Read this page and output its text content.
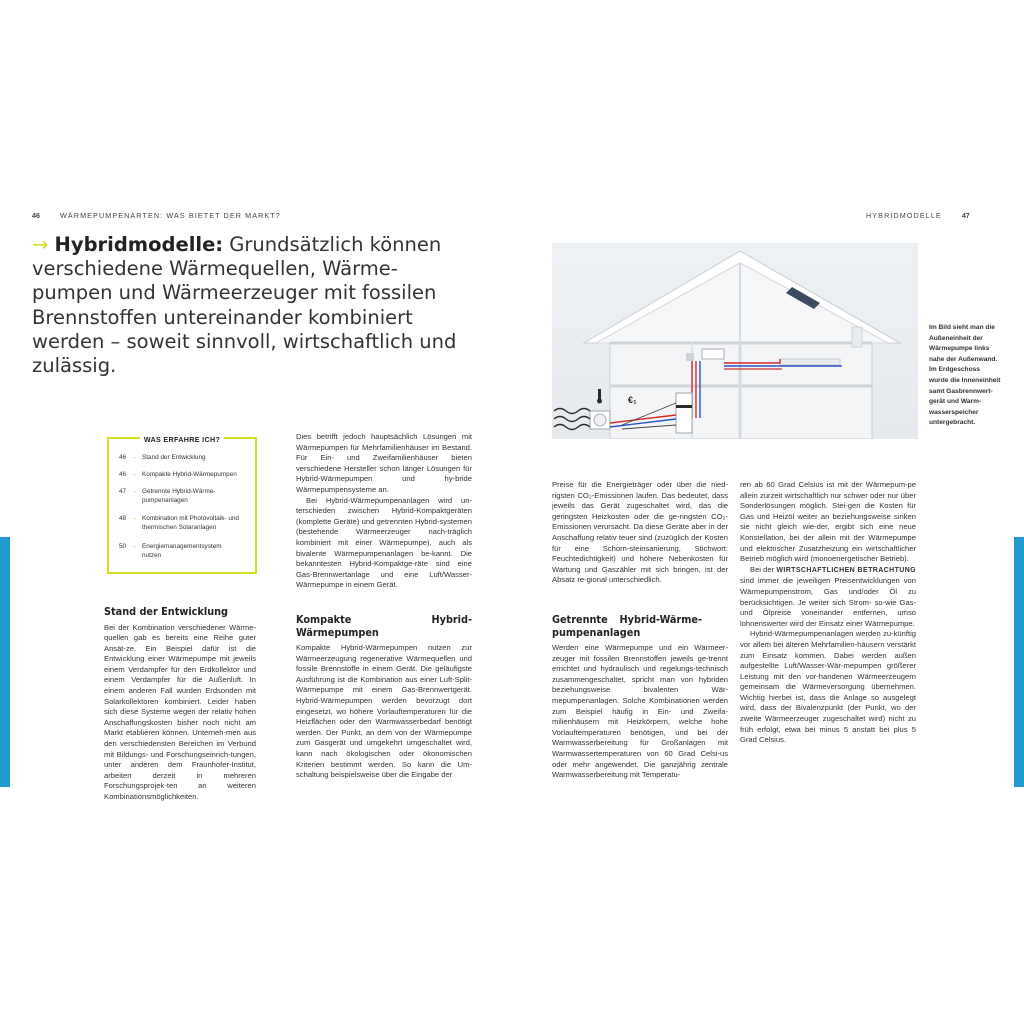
46	WÄRMEPUMPENARTEN: WAS BIETET DER MARKT?	HYBRIDMODELLE	47
→ Hybridmodelle: Grundsätzlich können verschiedene Wärmequellen, Wärme-pumpen und Wärmeerzeuger mit fossilen Brennstoffen untereinander kombiniert werden – soweit sinnvoll, wirtschaftlich und zulässig.
WAS ERFAHRE ICH?
46 → Stand der Entwicklung
46 → Kompakte Hybrid-Wärmepumpen
47 → Getrennte Hybrid-Wärme-pumpenanlagen
48 → Kombination mit Photovoltaik- und thermischen Solaranlagen
50 → Energiemanagementsystem nutzen
Stand der Entwicklung

Bei der Kombination verschiedener Wärme-quellen gab es bereits eine Reihe guter Ansät-ze. Ein Beispiel dafür ist die Entwicklung einer Wärmepumpe mit jeweils einem Verdampfer für den Erdkollektor und einem Verdampfer für die Außenluft. In einem anderen Fall wurden Erdsonden mit Solarkollektoren kombiniert. Leider haben sich diese Systeme wegen der relativ hohen Anschaffungskosten bisher noch nicht am Markt etablieren können. Unterneh-men aus den verschiedensten Bereichen im Verbund mit Bildungs- und Forschungseinrich-tungen, unter anderen dem Fraunhofer-Institut, arbeiten derzeit in mehreren Forschungsprojek-ten an weiteren Kombinationsmöglichkeiten.

Dies betrifft jedoch hauptsächlich Lösungen mit Wärmepumpen für Mehrfamilienhäuser im Bestand. Für Ein- und Zweifamilienhäuser bieten verschiedene Hersteller schon länger Lösungen für Hybrid-Wärmepumpen und hy-bride Wärmepumpensysteme an.

Bei Hybrid-Wärmepumpenanlagen wird un-terschieden zwischen Hybrid-Kompaktgeräten (komplette Geräte) und getrennten Hybrid-systemen (bestehende Wärmeerzeuger nach-träglich kombiniert mit einer Wärmepumpe), auch als bivalente Wärmepumpenanlagen be-kannt. Die bekanntesten Hybrid-Kompaktge-räte sind eine Gas-Brennwertanlage und eine Luft/Wasser-Wärmepumpe in einem Gerät.

Kompakte Hybrid-Wärmepumpen

Kompakte Hybrid-Wärmepumpen nutzen zur Wärmeerzeugung regenerative Wärmequellen und fossile Brennstoffe in einem Gerät. Die geläufigste Ausführung ist die Kombination aus einer Luft-Split-Wärmepumpe mit einem Gas-Brennwertgerät. Hybrid-Wärmepumpen werden bevorzugt dort eingesetzt, wo höhere Vorlauftemperaturen für die Heizflächen oder den Warmwasserbedarf benötigt werden. Der Punkt, an dem von der Wärmepumpe zum Gasgerät und umgekehrt umgeschaltet wird, kann nach ökologischen oder ökonomischen Kriterien bestimmt werden. So kann die Um-schaltung beispielsweise über die Eingabe der

Preise für die Energieträger oder über die nied-rigsten CO₂-Emissionen laufen. Das bedeutet, dass jeweils das Gerät zugeschaltet wird, das die geringsten Heizkosten oder die ge-ringsten CO₂-Emissionen verursacht. Da diese Geräte aber in der Anschaffung relativ teuer sind (zuzüglich der Kosten für eine Schorn-steinsanierung, Stichwort: Feuchtedichtigkeit) und höhere Nebenkosten für Wartung und Gaszähler mit sich bringen, ist der Absatz re-gional unterschiedlich.

Getrennte Hybrid-Wärme-pumpenanlagen

Werden eine Wärmepumpe und ein Wärmeer-zeuger mit fossilen Brennstoffen jeweils ge-trennt errichtet und hydraulisch und regelungs-technisch zusammengeschaltet, spricht man von hybriden beziehungsweise bivalenten Wär-mepumpenanlagen. Solche Kombinationen werden zum Beispiel häufig in Ein- und Zweifa-milienhäusern mit Heizkörpern, welche hohe Vorlauftemperaturen benötigen, und bei der Warmwasserbereitung für Großanlagen mit Warmwassertemperaturen von 60 Grad Celsi-us oder mehr angewendet. Die ganzjährig zentrale Warmwasserbereitung mit Temperatu-

ren ab 60 Grad Celsius ist mit der Wärmepum-pe allein zurzeit wirtschaftlich nur schwer oder nur über Sonderlösungen möglich. Stei-gen die Kosten für Gas und Heizöl weiter an beziehungsweise sinken sie nicht gleich wie-der, ergibt sich eine neue Konstellation, bei der allein mit der Wärmepumpe und elektrischer Zusatzheizung ein wirtschaftlicher Betrieb möglich wird (monoenergetischer Betrieb).

Bei der WIRTSCHAFTLICHEN BETRACHTUNG sind immer die jeweiligen Preisentwicklungen von Wärmepumpenstrom, Gas und/oder Öl zu berücksichtigen. Je weiter sich Strom- so-wie Gas- und Ölpreise voneinander entfernen, umso lohnenswerter wird der Einsatz einer Wärmepumpe.

Hybrid-Wärmepumpenanlagen werden zu-künftig vor allem bei älteren Mehrfamilien-häusern verstärkt zum Einsatz kommen. Dabei werden außen aufgestellte Luft/Wasser-Wär-mepumpen größerer Leistung mit den vor-handenen Wärmeerzeugern gemeinsam die Wärmeversorgung übernehmen. Wichtig hierbei ist, dass die Anlage so ausgelegt wird, dass der Bivalenzpunkt (der Punkt, wo der zweite Wärmeerzeuger zugeschaltet wird) nicht zu früh erfolgt, etwa bei minus 5 anstatt bei plus 5 Grad Celsius.

€₁
Im Bild sieht man die Außeneinheit der Wärmepumpe links nahe der Außenwand. Im Erdgeschoss wurde die Inneneinheit samt Gasbrennwert-gerät und Warm-wasserspeicher untergebracht.
